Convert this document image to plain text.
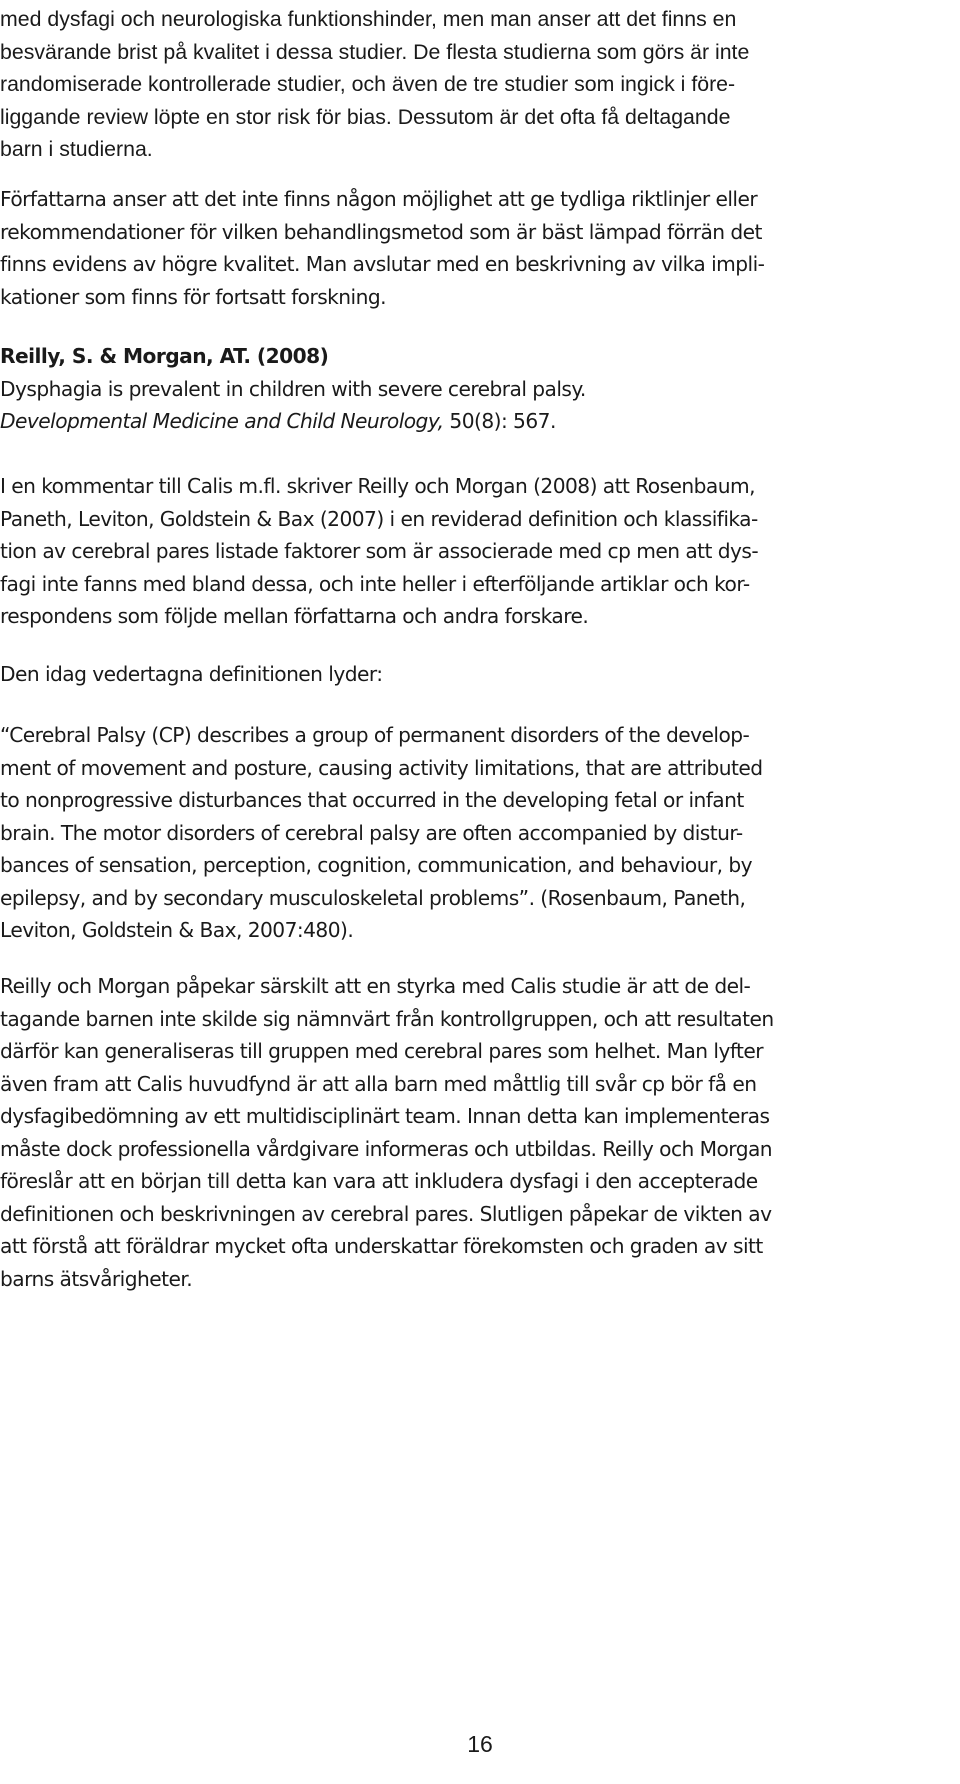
med dysfagi och neurologiska funktionshinder, men man anser att det finns en
besvärande brist på kvalitet i dessa studier. De flesta studierna som görs är inte
randomiserade kontrollerade studier, och även de tre studier som ingick i före-
liggande review löpte en stor risk för bias. Dessutom är det ofta få deltagande
barn i studierna.
Författarna anser att det inte finns någon möjlighet att ge tydliga riktlinjer eller
rekommendationer för vilken behandlingsmetod som är bäst lämpad förrän det
finns evidens av högre kvalitet. Man avslutar med en beskrivning av vilka impli-
kationer som finns för fortsatt forskning.
Reilly, S. & Morgan, AT. (2008)
Dysphagia is prevalent in children with severe cerebral palsy.
Developmental Medicine and Child Neurology, 50(8): 567.
I en kommentar till Calis m.fl. skriver Reilly och Morgan (2008) att Rosenbaum,
Paneth, Leviton, Goldstein & Bax (2007) i en reviderad definition och klassifika-
tion av cerebral pares listade faktorer som är associerade med cp men att dys-
fagi inte fanns med bland dessa, och inte heller i efterföljande artiklar och kor-
respondens som följde mellan författarna och andra forskare.
Den idag vedertagna definitionen lyder:
“Cerebral Palsy (CP) describes a group of permanent disorders of the develop-
ment of movement and posture, causing activity limitations, that are attributed
to nonprogressive disturbances that occurred in the developing fetal or infant
brain. The motor disorders of cerebral palsy are often accompanied by distur-
bances of sensation, perception, cognition, communication, and behaviour, by
epilepsy, and by secondary musculoskeletal problems”. (Rosenbaum, Paneth,
Leviton, Goldstein & Bax, 2007:480).
Reilly och Morgan påpekar särskilt att en styrka med Calis studie är att de del-
tagande barnen inte skilde sig nämnvärt från kontrollgruppen, och att resultaten
därför kan generaliseras till gruppen med cerebral pares som helhet. Man lyfter
även fram att Calis huvudfynd är att alla barn med måttlig till svår cp bör få en
dysfagibedömning av ett multidisciplinärt team. Innan detta kan implementeras
måste dock professionella vårdgivare informeras och utbildas. Reilly och Morgan
föreslår att en början till detta kan vara att inkludera dysfagi i den accepterade
definitionen och beskrivningen av cerebral pares. Slutligen påpekar de vikten av
att förstå att föräldrar mycket ofta underskattar förekomsten och graden av sitt
barns ätsvårigheter.
16
